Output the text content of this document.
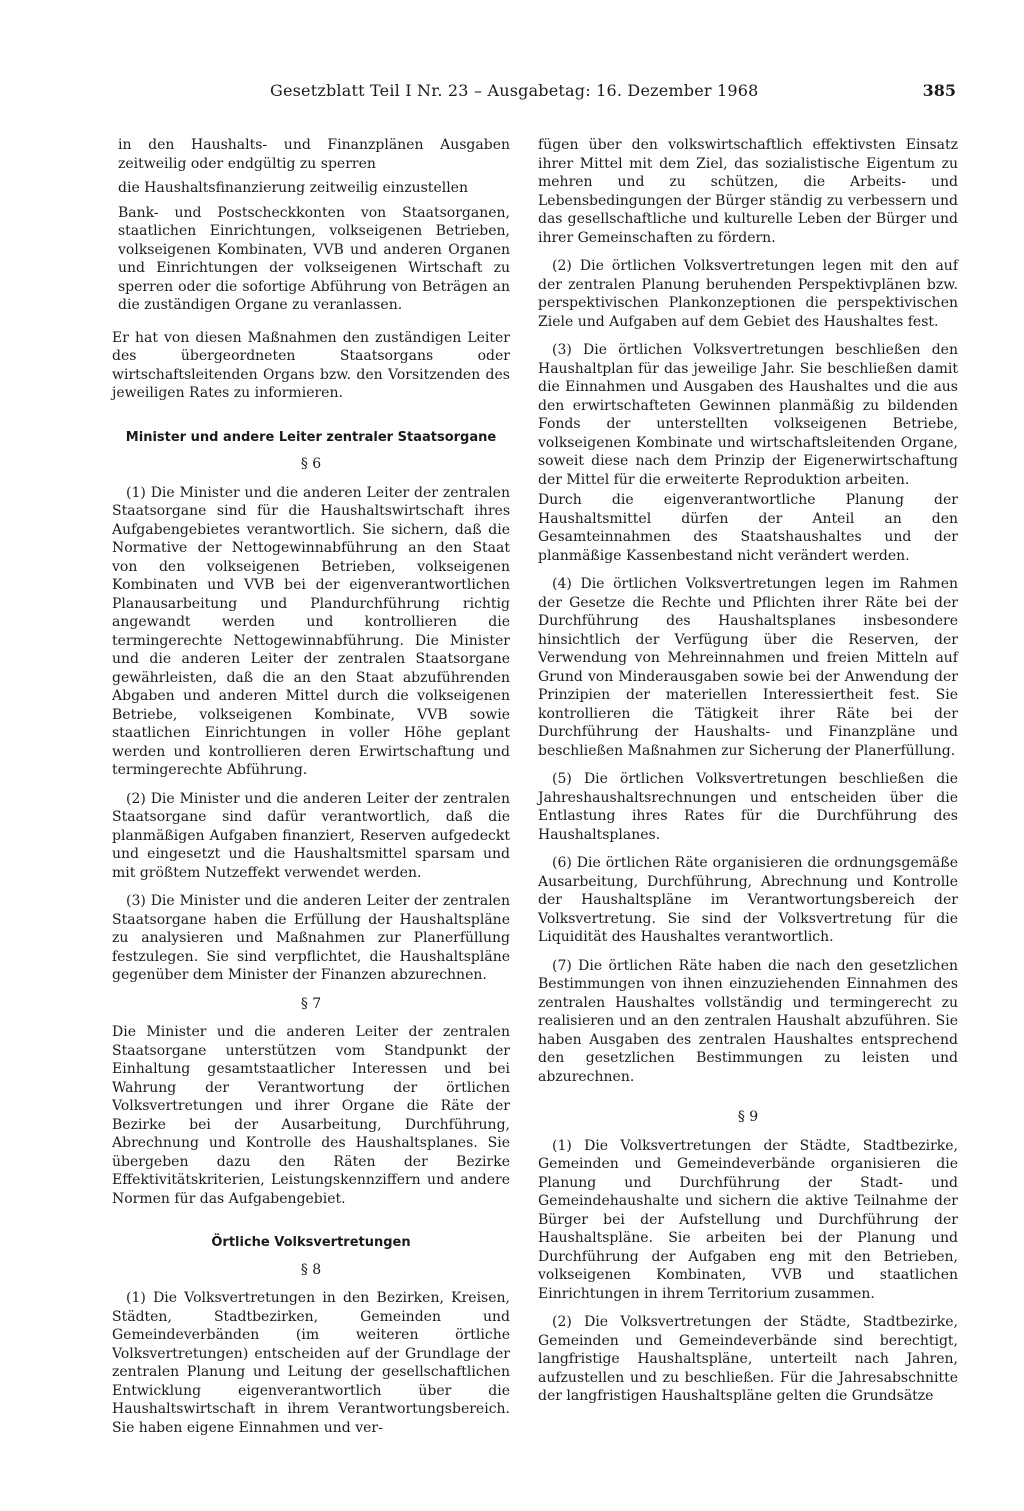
Gesetzblatt Teil I Nr. 23 – Ausgabetag: 16. Dezember 1968	385

in den Haushalts- und Finanzplänen Ausgaben zeitweilig oder endgültig zu sperren

die Haushaltsfinanzierung zeitweilig einzustellen

Bank- und Postscheckkonten von Staatsorganen, staatlichen Einrichtungen, volkseigenen Betrieben, volkseigenen Kombinaten, VVB und anderen Organen und Einrichtungen der volkseigenen Wirtschaft zu sperren oder die sofortige Abführung von Beträgen an die zuständigen Organe zu veranlassen.

Er hat von diesen Maßnahmen den zuständigen Leiter des übergeordneten Staatsorgans oder wirtschaftsleitenden Organs bzw. den Vorsitzenden des jeweiligen Rates zu informieren.

Minister und andere Leiter zentraler Staatsorgane
§ 6

(1) Die Minister und die anderen Leiter der zentralen Staatsorgane sind für die Haushaltswirtschaft ihres Aufgabengebietes verantwortlich. Sie sichern, daß die Normative der Nettogewinnabführung an den Staat von den volkseigenen Betrieben, volkseigenen Kombinaten und VVB bei der eigenverantwortlichen Planausarbeitung und Plandurchführung richtig angewandt werden und kontrollieren die termingerechte Nettogewinnabführung. Die Minister und die anderen Leiter der zentralen Staatsorgane gewährleisten, daß die an den Staat abzuführenden Abgaben und anderen Mittel durch die volkseigenen Betriebe, volkseigenen Kombinate, VVB sowie staatlichen Einrichtungen in voller Höhe geplant werden und kontrollieren deren Erwirtschaftung und termingerechte Abführung.

(2) Die Minister und die anderen Leiter der zentralen Staatsorgane sind dafür verantwortlich, daß die planmäßigen Aufgaben finanziert, Reserven aufgedeckt und eingesetzt und die Haushaltsmittel sparsam und mit größtem Nutzeffekt verwendet werden.

(3) Die Minister und die anderen Leiter der zentralen Staatsorgane haben die Erfüllung der Haushaltspläne zu analysieren und Maßnahmen zur Planerfüllung festzulegen. Sie sind verpflichtet, die Haushaltspläne gegenüber dem Minister der Finanzen abzurechnen.

§ 7

Die Minister und die anderen Leiter der zentralen Staatsorgane unterstützen vom Standpunkt der Einhaltung gesamtstaatlicher Interessen und bei Wahrung der Verantwortung der örtlichen Volksvertretungen und ihrer Organe die Räte der Bezirke bei der Ausarbeitung, Durchführung, Abrechnung und Kontrolle des Haushaltsplanes. Sie übergeben dazu den Räten der Bezirke Effektivitätskriterien, Leistungskennziffern und andere Normen für das Aufgabengebiet.

Örtliche Volksvertretungen
§ 8

(1) Die Volksvertretungen in den Bezirken, Kreisen, Städten, Stadtbezirken, Gemeinden und Gemeindeverbänden (im weiteren örtliche Volksvertretungen) entscheiden auf der Grundlage der zentralen Planung und Leitung der gesellschaftlichen Entwicklung eigenverantwortlich über die Haushaltswirtschaft in ihrem Verantwortungsbereich. Sie haben eigene Einnahmen und ver-

fügen über den volkswirtschaftlich effektivsten Einsatz ihrer Mittel mit dem Ziel, das sozialistische Eigentum zu mehren und zu schützen, die Arbeits- und Lebensbedingungen der Bürger ständig zu verbessern und das gesellschaftliche und kulturelle Leben der Bürger und ihrer Gemeinschaften zu fördern.

(2) Die örtlichen Volksvertretungen legen mit den auf der zentralen Planung beruhenden Perspektivplänen bzw. perspektivischen Plankonzeptionen die perspektivischen Ziele und Aufgaben auf dem Gebiet des Haushaltes fest.

(3) Die örtlichen Volksvertretungen beschließen den Haushaltplan für das jeweilige Jahr. Sie beschließen damit die Einnahmen und Ausgaben des Haushaltes und die aus den erwirtschafteten Gewinnen planmäßig zu bildenden Fonds der unterstellten volkseigenen Betriebe, volkseigenen Kombinate und wirtschaftsleitenden Organe, soweit diese nach dem Prinzip der Eigenerwirtschaftung der Mittel für die erweiterte Reproduktion arbeiten.

Durch die eigenverantwortliche Planung der Haushaltsmittel dürfen der Anteil an den Gesamteinnahmen des Staatshaushaltes und der planmäßige Kassenbestand nicht verändert werden.

(4) Die örtlichen Volksvertretungen legen im Rahmen der Gesetze die Rechte und Pflichten ihrer Räte bei der Durchführung des Haushaltsplanes insbesondere hinsichtlich der Verfügung über die Reserven, der Verwendung von Mehreinnahmen und freien Mitteln auf Grund von Minderausgaben sowie bei der Anwendung der Prinzipien der materiellen Interessiertheit fest. Sie kontrollieren die Tätigkeit ihrer Räte bei der Durchführung der Haushalts- und Finanzpläne und beschließen Maßnahmen zur Sicherung der Planerfüllung.

(5) Die örtlichen Volksvertretungen beschließen die Jahreshaushaltsrechnungen und entscheiden über die Entlastung ihres Rates für die Durchführung des Haushaltsplanes.

(6) Die örtlichen Räte organisieren die ordnungsgemäße Ausarbeitung, Durchführung, Abrechnung und Kontrolle der Haushaltspläne im Verantwortungsbereich der Volksvertretung. Sie sind der Volksvertretung für die Liquidität des Haushaltes verantwortlich.

(7) Die örtlichen Räte haben die nach den gesetzlichen Bestimmungen von ihnen einzuziehenden Einnahmen des zentralen Haushaltes vollständig und termingerecht zu realisieren und an den zentralen Haushalt abzuführen. Sie haben Ausgaben des zentralen Haushaltes entsprechend den gesetzlichen Bestimmungen zu leisten und abzurechnen.

§ 9

(1) Die Volksvertretungen der Städte, Stadtbezirke, Gemeinden und Gemeindeverbände organisieren die Planung und Durchführung der Stadt- und Gemeindehaushalte und sichern die aktive Teilnahme der Bürger bei der Aufstellung und Durchführung der Haushaltspläne. Sie arbeiten bei der Planung und Durchführung der Aufgaben eng mit den Betrieben, volkseigenen Kombinaten, VVB und staatlichen Einrichtungen in ihrem Territorium zusammen.

(2) Die Volksvertretungen der Städte, Stadtbezirke, Gemeinden und Gemeindeverbände sind berechtigt, langfristige Haushaltspläne, unterteilt nach Jahren, aufzustellen und zu beschließen. Für die Jahresabschnitte der langfristigen Haushaltspläne gelten die Grundsätze
